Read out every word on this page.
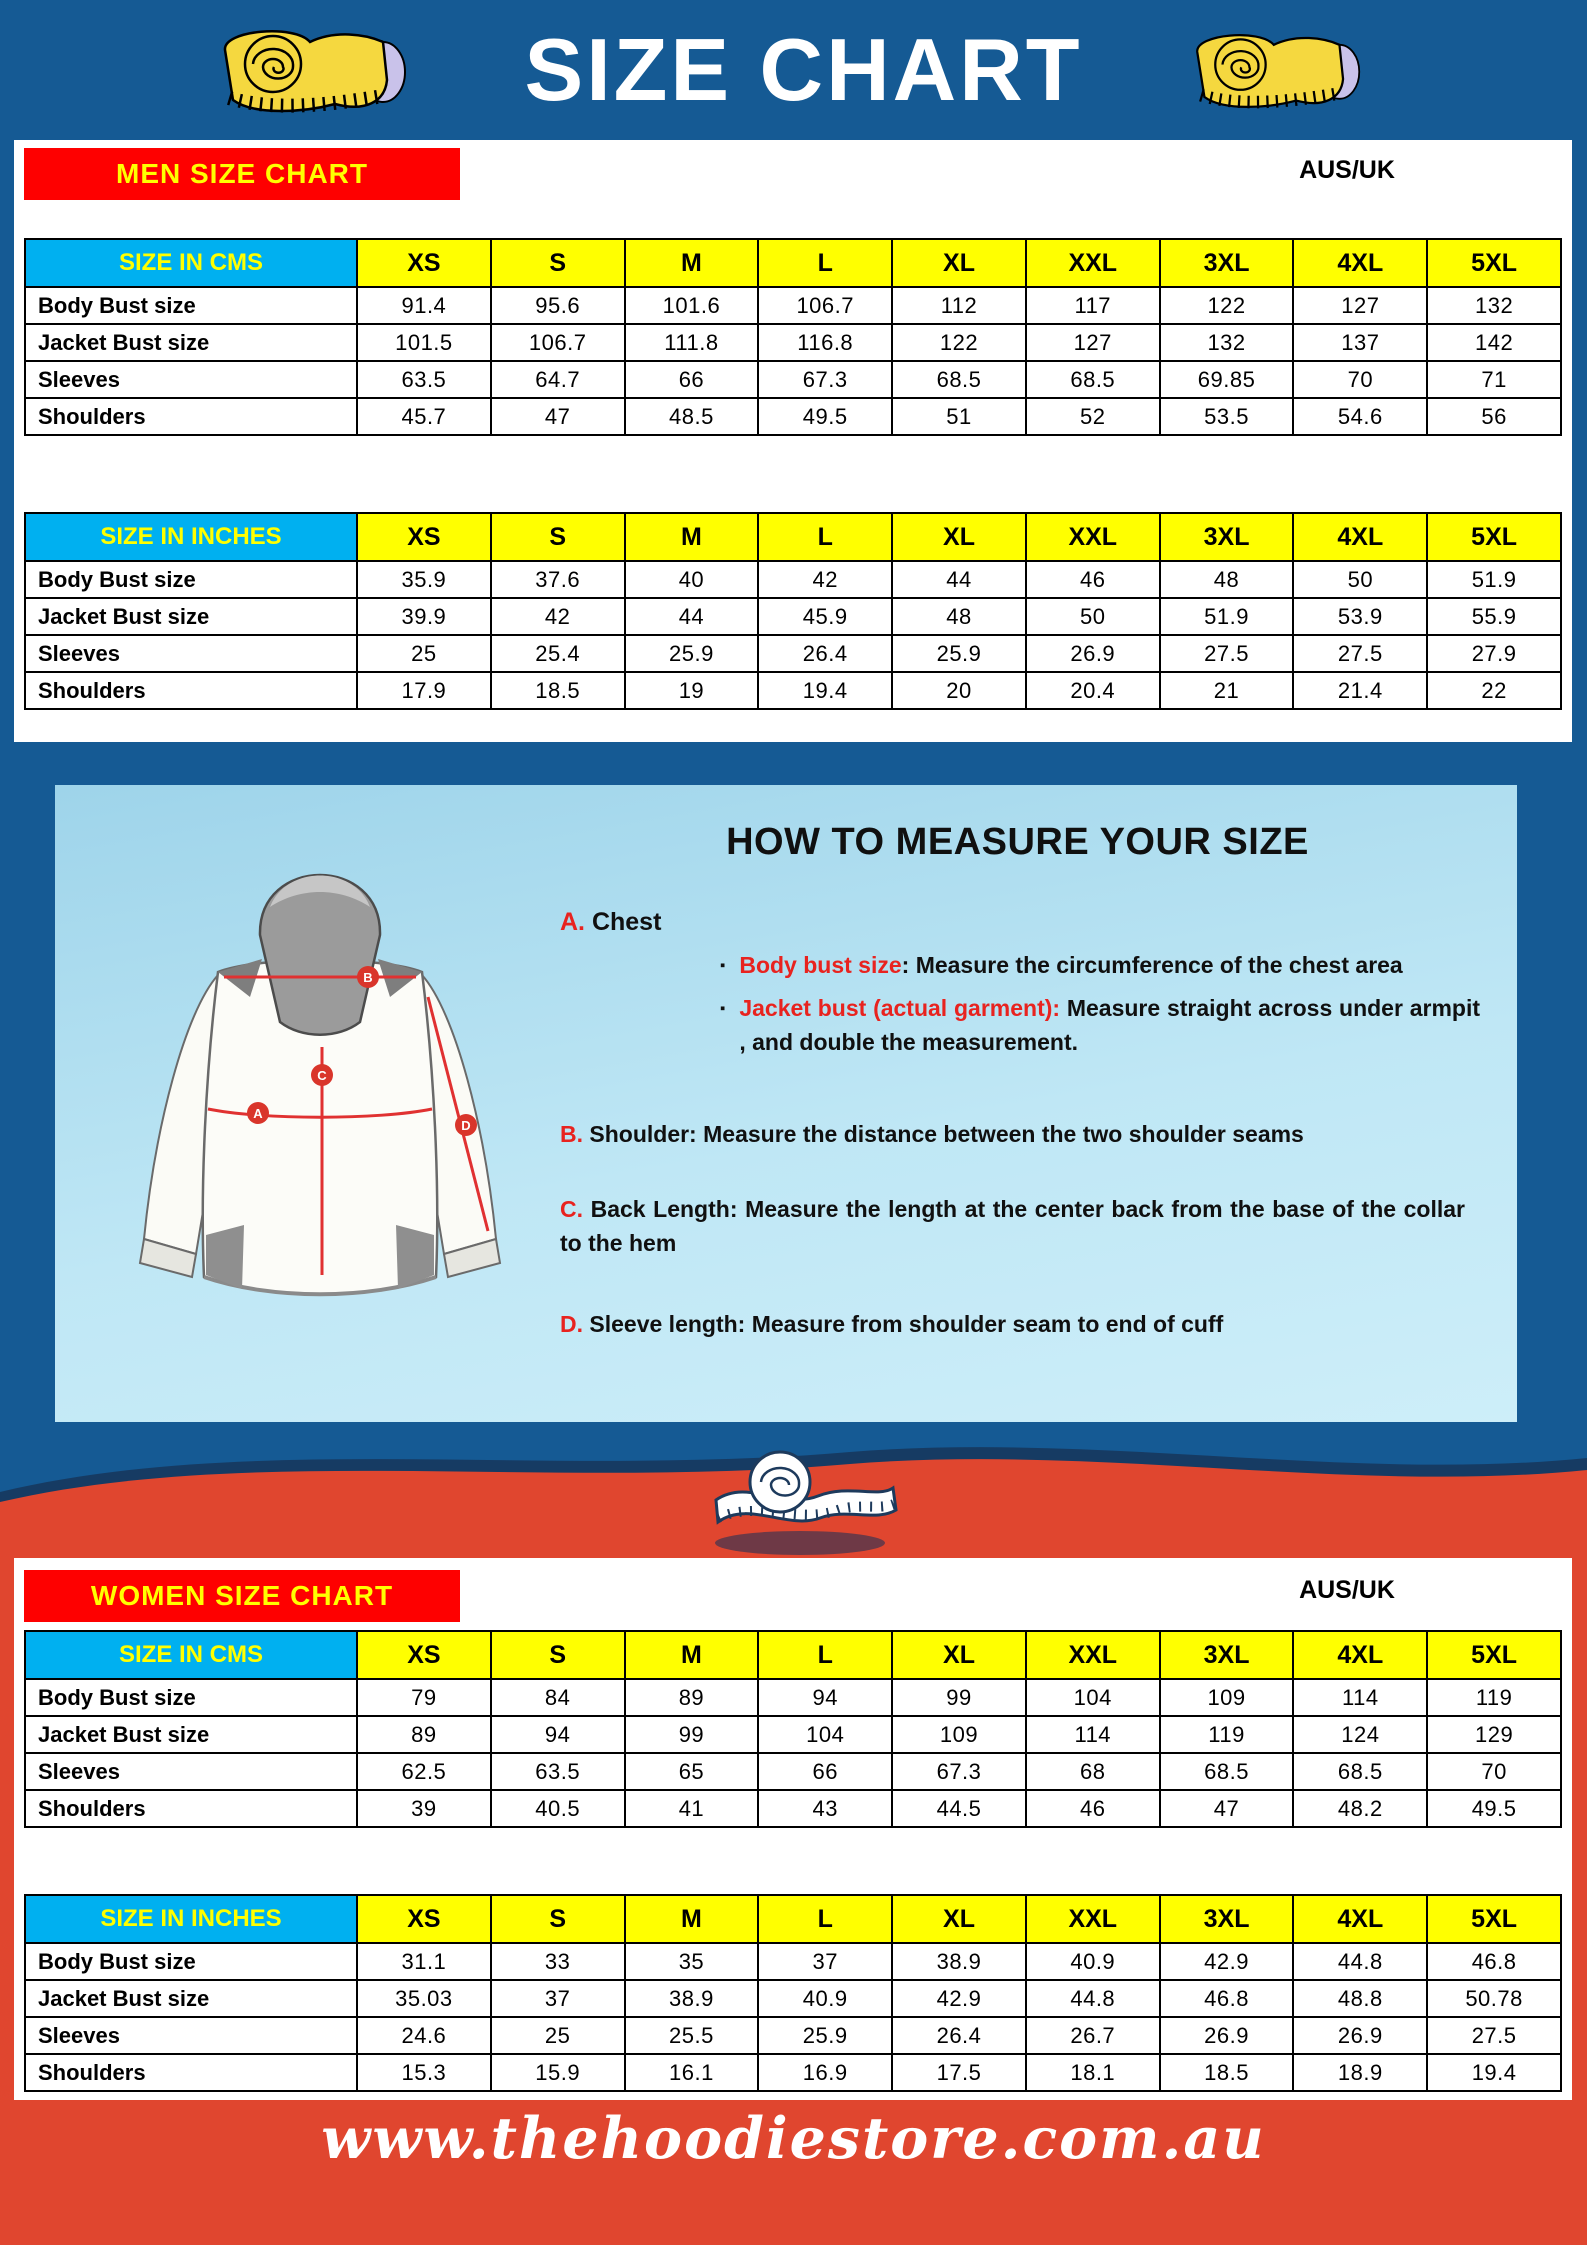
SIZE CHART
MEN SIZE CHART	AUS/UK
SIZE IN CMS	XS	S	M	L	XL	XXL	3XL	4XL	5XL
Body Bust size	91.4	95.6	101.6	106.7	112	117	122	127	132
Jacket Bust size	101.5	106.7	111.8	116.8	122	127	132	137	142
Sleeves	63.5	64.7	66	67.3	68.5	68.5	69.85	70	71
Shoulders	45.7	47	48.5	49.5	51	52	53.5	54.6	56
SIZE IN INCHES	XS	S	M	L	XL	XXL	3XL	4XL	5XL
Body Bust size	35.9	37.6	40	42	44	46	48	50	51.9
Jacket Bust size	39.9	42	44	45.9	48	50	51.9	53.9	55.9
Sleeves	25	25.4	25.9	26.4	25.9	26.9	27.5	27.5	27.9
Shoulders	17.9	18.5	19	19.4	20	20.4	21	21.4	22
A
B
C
D
HOW TO MEASURE YOUR SIZE
A. Chest
▪ Body bust size: Measure the circumference of the chest area
▪ Jacket bust (actual garment): Measure straight across under armpit , and double the measurement.
B. Shoulder: Measure the distance between the two shoulder seams
C. Back Length: Measure the length at the center back from the base of the collar to the hem
D. Sleeve length: Measure from shoulder seam to end of cuff
WOMEN SIZE CHART	AUS/UK
SIZE IN CMS	XS	S	M	L	XL	XXL	3XL	4XL	5XL
Body Bust size	79	84	89	94	99	104	109	114	119
Jacket Bust size	89	94	99	104	109	114	119	124	129
Sleeves	62.5	63.5	65	66	67.3	68	68.5	68.5	70
Shoulders	39	40.5	41	43	44.5	46	47	48.2	49.5
SIZE IN INCHES	XS	S	M	L	XL	XXL	3XL	4XL	5XL
Body Bust size	31.1	33	35	37	38.9	40.9	42.9	44.8	46.8
Jacket Bust size	35.03	37	38.9	40.9	42.9	44.8	46.8	48.8	50.78
Sleeves	24.6	25	25.5	25.9	26.4	26.7	26.9	26.9	27.5
Shoulders	15.3	15.9	16.1	16.9	17.5	18.1	18.5	18.9	19.4
www.thehoodiestore.com.au
